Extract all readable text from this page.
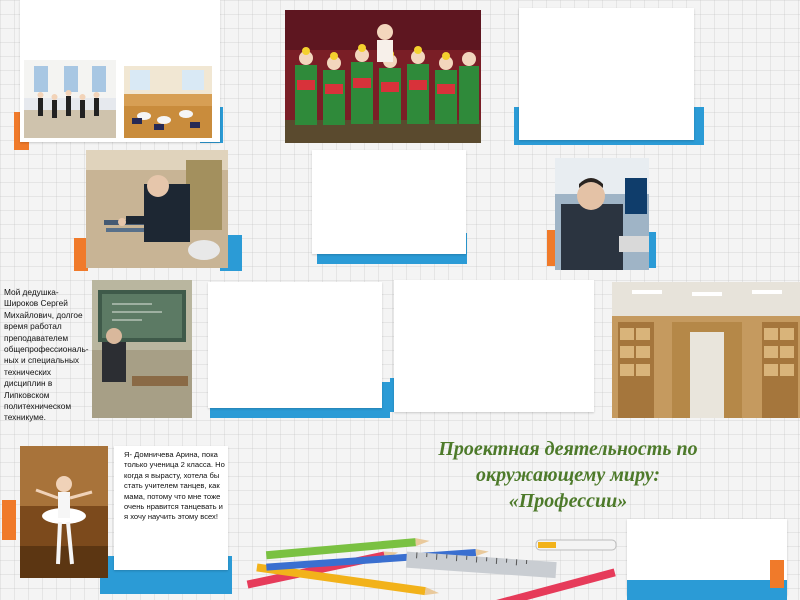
Мой дедушка-Широков Сергей Михайлович, долгое время работал преподавателем общепрофессиональ-ных и специальных технических дисциплин в Липковском политехническом техникуме.
Я- Домничева Арина, пока только ученица 2 класса. Но когда я вырасту, хотела бы стать учителем танцев, как мама, потому что мне тоже очень нравится танцевать и я хочу научить этому всех!
Проектная деятельность по
окружающему миру:
«Профессии»
